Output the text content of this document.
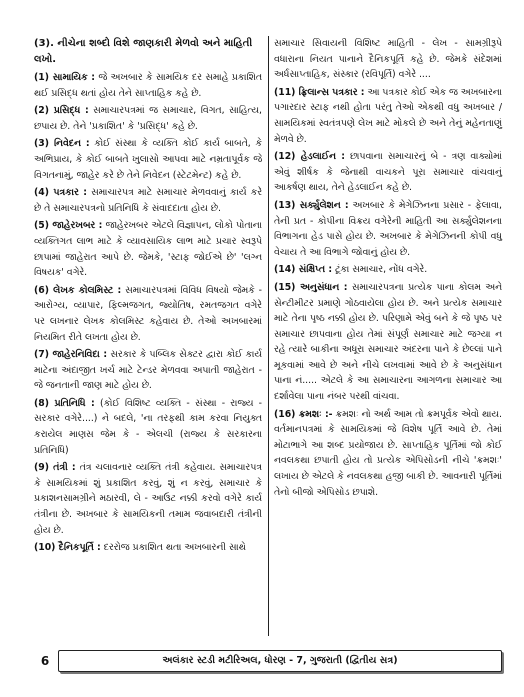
(3). નીચેના શબ્દો વિશે જાણકારી મેળવો અને માહિતી લખો.

(1) સામાયિક : જે અખબાર કે સામયિક દર સમાહે પ્રકાશિત થઈ પ્રસિદ્ધ થતાં હોય તેને સાપ્તાહિક કહે છે.

(2) પ્રસિદ્ધ : સમાચારપત્રમાં જ સમાચાર, વિગત, સાહિત્ય, છપાય છે. તેને 'પ્રકાશિત' કે 'પ્રસિદ્ધ' કહે છે.

(3) નિવેદન : કોઈ સંસ્થા કે વ્યક્તિ કોઈ કાર્ય બાબતે, કે અભિપ્રાય, કે કોઈ બાબતે ખુલાસો આપવા માટે નમ્રતાપૂર્વક જે વિગતનામું, જાહેર કરે છે તેને નિવેદન (સ્ટેટમેન્ટ) કહે છે.

(4) પત્રકાર : સમાચારપત્ર માટે સમાચાર મેળવવાનું કાર્ય કરે છે તે સમાચારપત્રનો પ્રતિનિધિ કે સંવાદદાતા હોય છે.

(5) જાહેરખબર : જાહેરખબર એટલે વિજ્ઞાપન, લોકો પોતાના વ્યક્તિગત લાભ માટે કે વ્યાવસાયિક લાભ માટે પ્રચાર સ્વરૂપે છાપામાં જાહેરાત આપે છે. જેમકે, 'સ્ટાફ જોઈએ છે' 'લગ્ન વિષયક' વગેરે.

(6) લેખક કોલમિસ્ટ : સમાચારપત્રમાં વિવિધ વિષયો જેમકે - આરોગ્ય, વ્યાપાર, ફિલ્મજગત, જ્યોતિષ, રમતજગત વગેરે પર લખનાર લેખક કોલમિસ્ટ કહેવાય છે. તેઓ અખબારમાં નિયમિત રીતે લખતા હોય છે.

(7) જાહેરનિવિદા : સરકાર કે પબ્લિક સેક્ટર દ્વારા કોઈ કાર્ય માટેના અંદાજીત ખર્ચ માટે ટેન્ડર મેળવવા અપાતી જાહેરાત - જે જનતાની જાણ માટે હોય છે.

(8) પ્રતિનિધિ : (કોઈ વિશિષ્ટ વ્યક્તિ - સંસ્થા - રાજ્ય - સરકાર વગેરે....) ને બદલે, 'ના તરફથી કામ કરવા નિયુક્ત કરાયેલ માણસ જેમ કે - એલચી (રાજ્ય કે સરકારના પ્રતિનિધિ)

(9) તંત્રી : તંત્ર ચલાવનાર વ્યક્તિ તંત્રી કહેવાય. સમાચારપત્ર કે સામયિકમાં શું પ્રકાશિત કરવું, શું ન કરવું, સમાચાર કે પ્રકાશનસામગ્રીને મઠારવી, લે - આઉટ નક્કી કરવો વગેરે કાર્ય તંત્રીના છે. અખબાર કે સામયિકની તમામ જવાબદારી તંત્રીની હોય છે.

(10) દૈનિકપૂર્તિ : દરરોજ પ્રકાશિત થતા અખબારની સાથે

સમાચાર સિવાયની વિશિષ્ટ માહિતી - લેખ - સામગ્રીરૂપે વધારાના નિયત પાનાને દૈનિકપૂર્તિ કહે છે. જેમકે સંદેશમાં અર્ધસાપ્તાહિક, સંસ્કાર (રવિપૂર્તિ) વગેરે ....

(11) ફ્રિલાન્સ પત્રકાર : આ પત્રકાર કોઈ એક જ અખબારના પગારદાર સ્ટાફ નથી હોતા પરંતુ તેઓ એકથી વધુ અખબાર / સામયિકમાં સ્વતંત્રપણે લેખ માટે મોકલે છે અને તેનું મહેનતાણું મેળવે છે.

(12) હેડલાઈન : છાપવાના સમાચારનું બે - ત્રણ વાક્યોમાં એવું શીર્ષક કે જેનાથી વાચકને પૂરા સમાચાર વાંચવાનું આકર્ષણ થાય, તેને હેડલાઈન કહે છે.

(13) સર્ક્યુલેશન : અખબાર કે મેગેઝિનના પ્રસાર - ફેલાવા, તેની પ્રત - કોપીના વિક્રય વગેરેની માહિતી આ સર્ક્યુલેશનના વિભાગના હેડ પાસે હોય છે. અખબાર કે મેગેઝિનની કોપી વધુ વેચાય તે આ વિભાગે જોવાનું હોય છે.

(14) સંક્ષિપ્ત : ટૂંકા સમાચાર, નોંધ વગેરે.

(15) અનુસંધાન : સમાચારપત્રના પ્રત્યેક પાના કોલમ અને સેન્ટીમીટર પ્રમાણે ગોઠવાયેલા હોય છે. અને પ્રત્યેક સમાચાર માટે તેના પૃષ્ઠ નક્કી હોય છે. પરિણામે એવું બને કે જે પૃષ્ઠ પર સમાચાર છાપવાના હોય તેમાં સંપૂર્ણ સમાચાર માટે જગ્યા ન રહે ત્યારે બાકીના અધૂરા સમાચાર અંદરના પાને કે છેલ્લાં પાને મૂકવામાં આવે છે અને નીચે લખવામાં આવે છે કે અનુસંધાન પાના નં..... એટલે કે આ સમાચારના આગળના સમાચાર આ દર્શાવેલા પાના નંબર પરથી વાંચવા.

(16) ક્રમશઃ :- ક્રમશઃ નો અર્થ આમ તો ક્રમપૂર્વક એવો થાય. વર્તમાનપત્રમાં કે સામયિકમાં જે વિશેષ પૂર્તિ આવે છે. તેમાં મોટાભાગે આ શબ્દ પ્રયોજાય છે. સાપ્તાહિક પૂર્તિમાં જો કોઈ નવલકથા છપાતી હોય તો પ્રત્યેક એપિસોડની નીચે 'ક્રમશઃ' લખાય છે એટલે કે નવલકથા હજી બાકી છે. આવનારી પૂર્તિમાં તેનો બીજો એપિસોડ છપાશે.

6	અલંકાર સ્ટડી મટીરિઅલ, ધોરણ - 7, ગુજરાતી (દ્વિતીય સત્ર)
